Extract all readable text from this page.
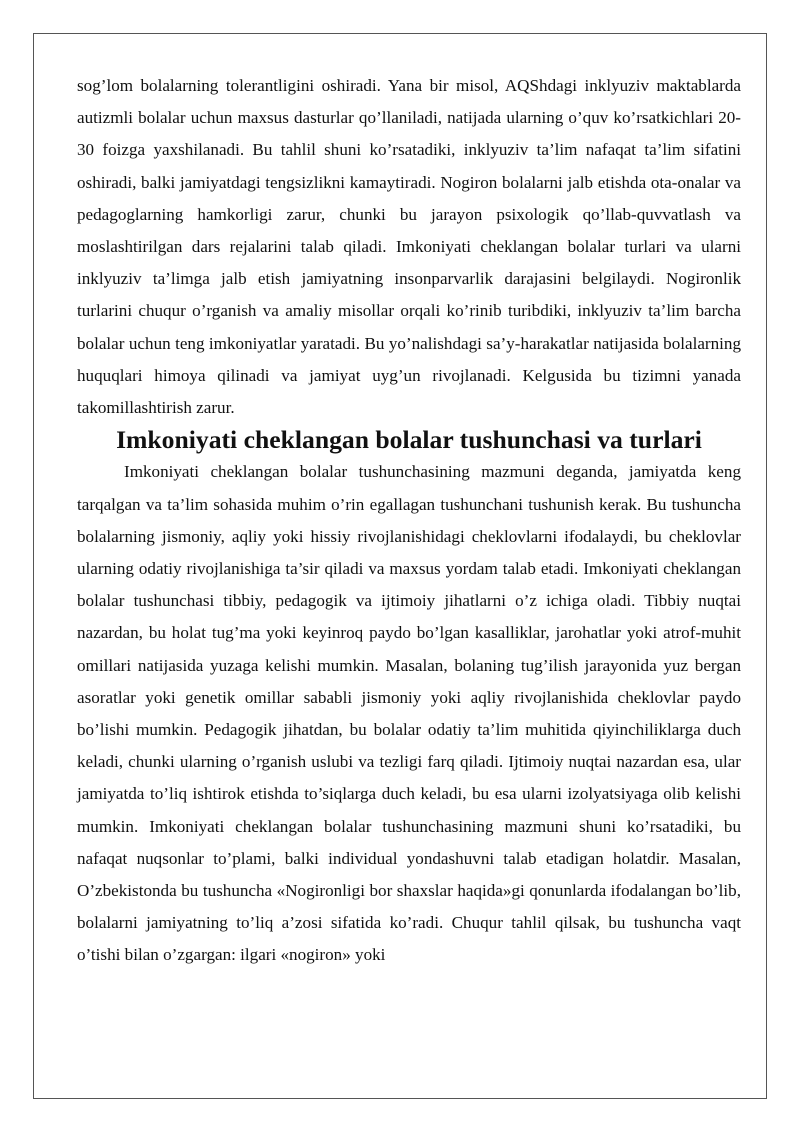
sog’lom bolalarning tolerantligini oshiradi. Yana bir misol, AQShdagi inklyuziv maktablarda autizmli bolalar uchun maxsus dasturlar qo’llaniladi, natijada ularning o’quv ko’rsatkichlari 20-30 foizga yaxshilanadi. Bu tahlil shuni ko’rsatadiki, inklyuziv ta’lim nafaqat ta’lim sifatini oshiradi, balki jamiyatdagi tengsizlikni kamaytiradi. Nogiron bolalarni jalb etishda ota-onalar va pedagoglarning hamkorligi zarur, chunki bu jarayon psixologik qo’llab-quvvatlash va moslashtirilgan dars rejalarini talab qiladi. Imkoniyati cheklangan bolalar turlari va ularni inklyuziv ta’limga jalb etish jamiyatning insonparvarlik darajasini belgilaydi. Nogironlik turlarini chuqur o’rganish va amaliy misollar orqali ko’rinib turibdiki, inklyuziv ta’lim barcha bolalar uchun teng imkoniyatlar yaratadi. Bu yo’nalishdagi sa’y-harakatlar natijasida bolalarning huquqlari himoya qilinadi va jamiyat uyg’un rivojlanadi. Kelgusida bu tizimni yanada takomillashtirish zarur.

Imkoniyati cheklangan bolalar tushunchasi va turlari

Imkoniyati cheklangan bolalar tushunchasining mazmuni deganda, jamiyatda keng tarqalgan va ta’lim sohasida muhim o’rin egallagan tushunchani tushunish kerak. Bu tushuncha bolalarning jismoniy, aqliy yoki hissiy rivojlanishidagi cheklovlarni ifodalaydi, bu cheklovlar ularning odatiy rivojlanishiga ta’sir qiladi va maxsus yordam talab etadi. Imkoniyati cheklangan bolalar tushunchasi tibbiy, pedagogik va ijtimoiy jihatlarni o’z ichiga oladi. Tibbiy nuqtai nazardan, bu holat tug’ma yoki keyinroq paydo bo’lgan kasalliklar, jarohatlar yoki atrof-muhit omillari natijasida yuzaga kelishi mumkin. Masalan, bolaning tug’ilish jarayonida yuz bergan asoratlar yoki genetik omillar sababli jismoniy yoki aqliy rivojlanishida cheklovlar paydo bo’lishi mumkin. Pedagogik jihatdan, bu bolalar odatiy ta’lim muhitida qiyinchiliklarga duch keladi, chunki ularning o’rganish uslubi va tezligi farq qiladi. Ijtimoiy nuqtai nazardan esa, ular jamiyatda to’liq ishtirok etishda to’siqlarga duch keladi, bu esa ularni izolyatsiyaga olib kelishi mumkin. Imkoniyati cheklangan bolalar tushunchasining mazmuni shuni ko’rsatadiki, bu nafaqat nuqsonlar to’plami, balki individual yondashuvni talab etadigan holatdir. Masalan, O’zbekistonda bu tushuncha «Nogironligi bor shaxslar haqida»gi qonunlarda ifodalangan bo’lib, bolalarni jamiyatning to’liq a’zosi sifatida ko’radi. Chuqur tahlil qilsak, bu tushuncha vaqt o’tishi bilan o’zgargan: ilgari «nogiron» yoki
